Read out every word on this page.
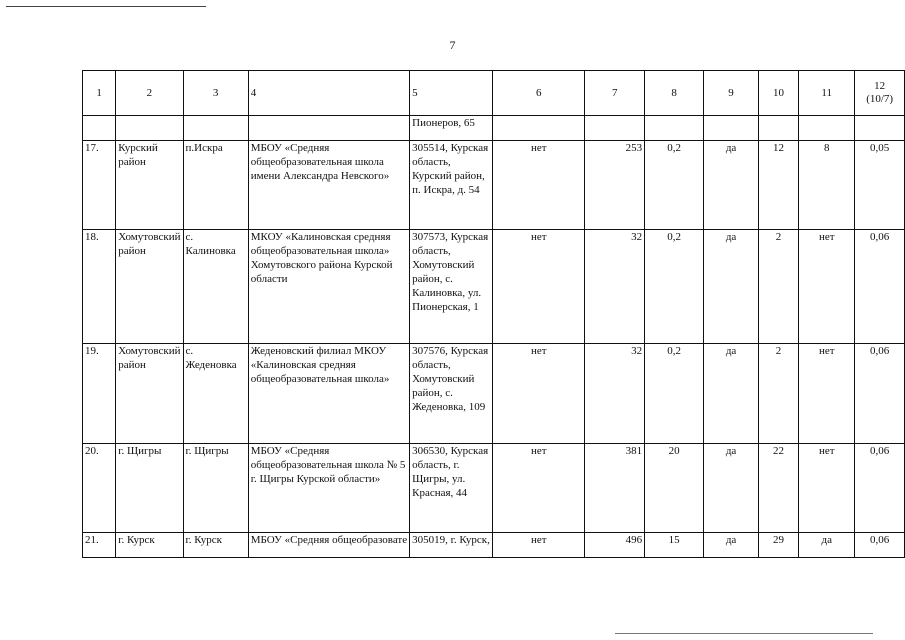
7
1	2	3	4	5	6	7	8	9	10	11	12
(10/7)
				Пионеров, 65							
17.	Курский район	п.Искра	МБОУ «Средняя общеобразовательная школа имени Александра Невского»	305514, Курская область, Курский район, п. Искра, д. 54	нет	253	0,2	да	12	8	0,05
18.	Хомутовский район	с. Калиновка	МКОУ «Калиновская средняя общеобразовательная школа» Хомутовского района Курской области	307573, Курская область, Хомутовский район, с. Калиновка, ул. Пионерская, 1	нет	32	0,2	да	2	нет	0,06
19.	Хомутовский район	с. Жеденовка	Жеденовский филиал МКОУ «Калиновская средняя общеобразовательная школа»	307576, Курская область, Хомутовский район, с. Жеденовка, 109	нет	32	0,2	да	2	нет	0,06
20.	г. Щигры	г. Щигры	МБОУ «Средняя общеобразовательная школа № 5 г. Щигры Курской области»	306530, Курская область, г. Щигры, ул. Красная, 44	нет	381	20	да	22	нет	0,06
21.	г. Курск	г. Курск	МБОУ «Средняя общеобразовате	305019, г. Курск,	нет	496	15	да	29	да	0,06
